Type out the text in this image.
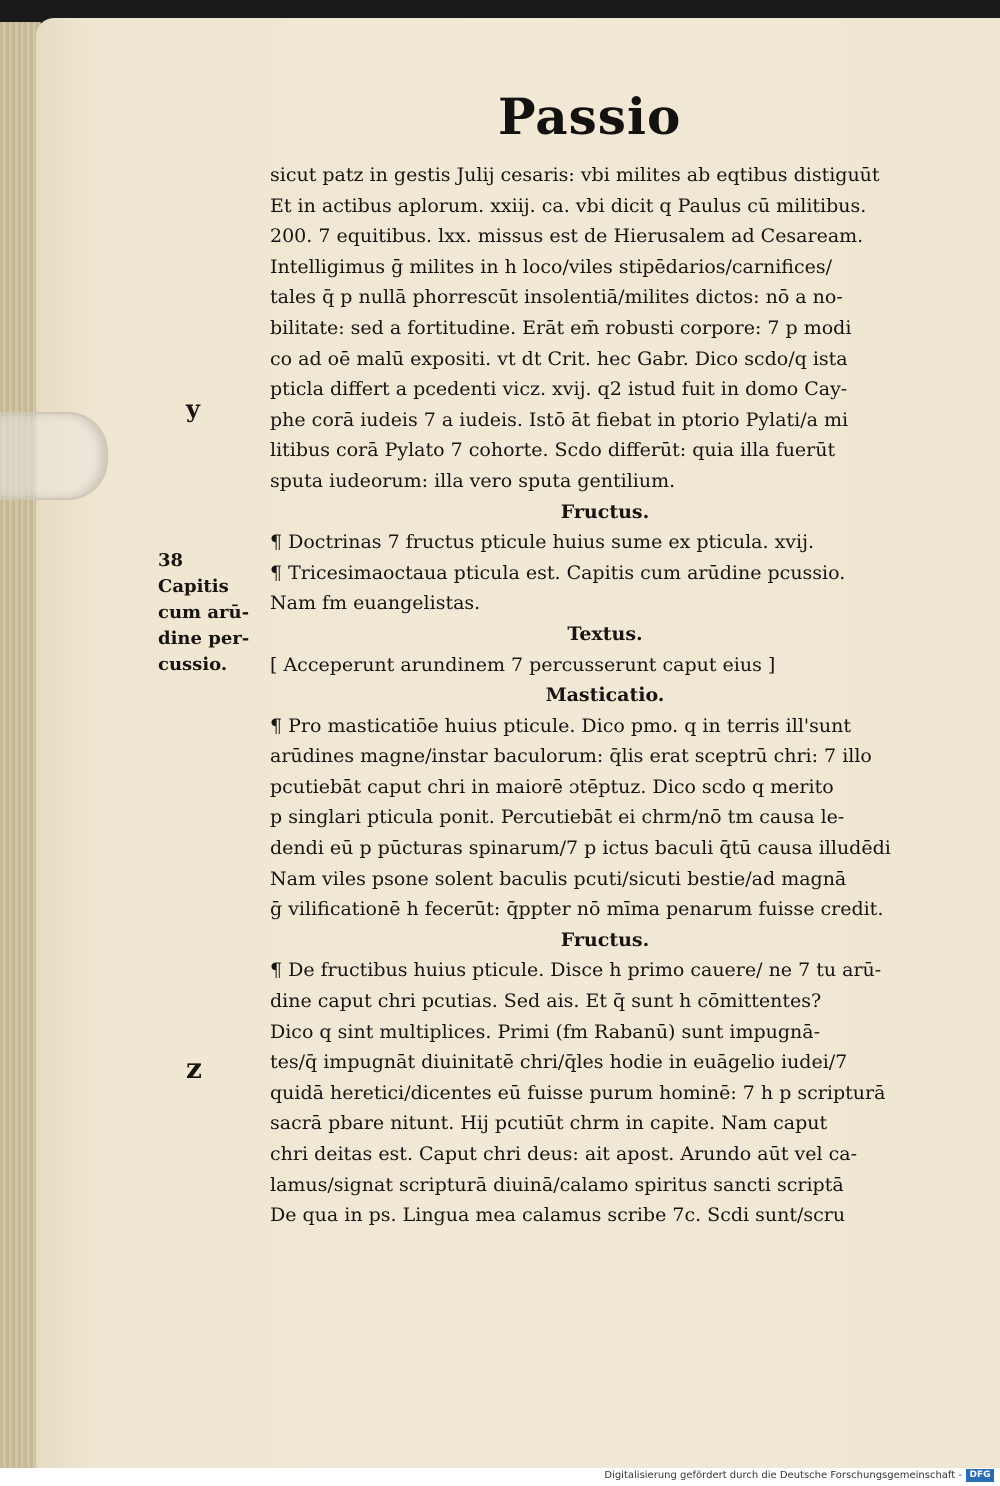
Passio
y
38
Capitis
cum arū-
dine per-
cussio.
z
sicut patz in gestis Julij cesaris: vbi milites ab eqtibus distiguūt
Et in actibus aplorum. xxiij. ca. vbi dicit q Paulus cū militibus.
200. 7 equitibus. lxx. missus est de Hierusalem ad Cesaream.
Intelligimus ḡ milites in h loco/viles stipēdarios/carnifices/
tales q̄ p nullā phorrescūt insolentiā/milites dictos: nō a no-
bilitate: sed a fortitudine. Erāt em̄ robusti corpore: 7 p modi
co ad oē malū expositi. vt dt Crit. hec Gabr. Dico scdo/q ista
pticla differt a pcedenti vicz. xvij. q2 istud fuit in domo Cay-
phe corā iudeis 7 a iudeis. Istō āt fiebat in ptorio Pylati/a mi
litibus corā Pylato 7 cohorte. Scdo differūt: quia illa fuerūt
sputa iudeorum: illa vero sputa gentilium.
Fructus.
¶ Doctrinas 7 fructus pticule huius sume ex pticula. xvij.
¶ Tricesimaoctaua pticula est. Capitis cum arūdine pcussio.
Nam fm euangelistas.
Textus.
[ Acceperunt arundinem 7 percusserunt caput eius ]
Masticatio.
¶ Pro masticatiōe huius pticule. Dico pmo. q in terris ill'sunt
arūdines magne/instar baculorum: q̄lis erat sceptrū chri: 7 illo
pcutiebāt caput chri in maiorē ɔtēptuz. Dico scdo q merito
p singlari pticula ponit. Percutiebāt ei chrm/nō tm causa le-
dendi eū p pūcturas spinarum/7 p ictus baculi q̄tū causa illudēdi
Nam viles psone solent baculis pcuti/sicuti bestie/ad magnā
ḡ vilificationē h fecerūt: q̄ppter nō mīma penarum fuisse credit.
Fructus.
¶ De fructibus huius pticule. Disce h primo cauere/ ne 7 tu arū-
dine caput chri pcutias. Sed ais. Et q̄ sunt h cōmittentes?
Dico q sint multiplices. Primi (fm Rabanū) sunt impugnā-
tes/q̄ impugnāt diuinitatē chri/q̄les hodie in euāgelio iudei/7
quidā heretici/dicentes eū fuisse purum hominē: 7 h p scripturā
sacrā pbare nitunt. Hij pcutiūt chrm in capite. Nam caput
chri deitas est. Caput chri deus: ait apost. Arundo aūt vel ca-
lamus/signat scripturā diuinā/calamo spiritus sancti scriptā
De qua in ps. Lingua mea calamus scribe 7c. Scdi sunt/scru
Digitalisierung gefördert durch die Deutsche Forschungsgemeinschaft - DFG
